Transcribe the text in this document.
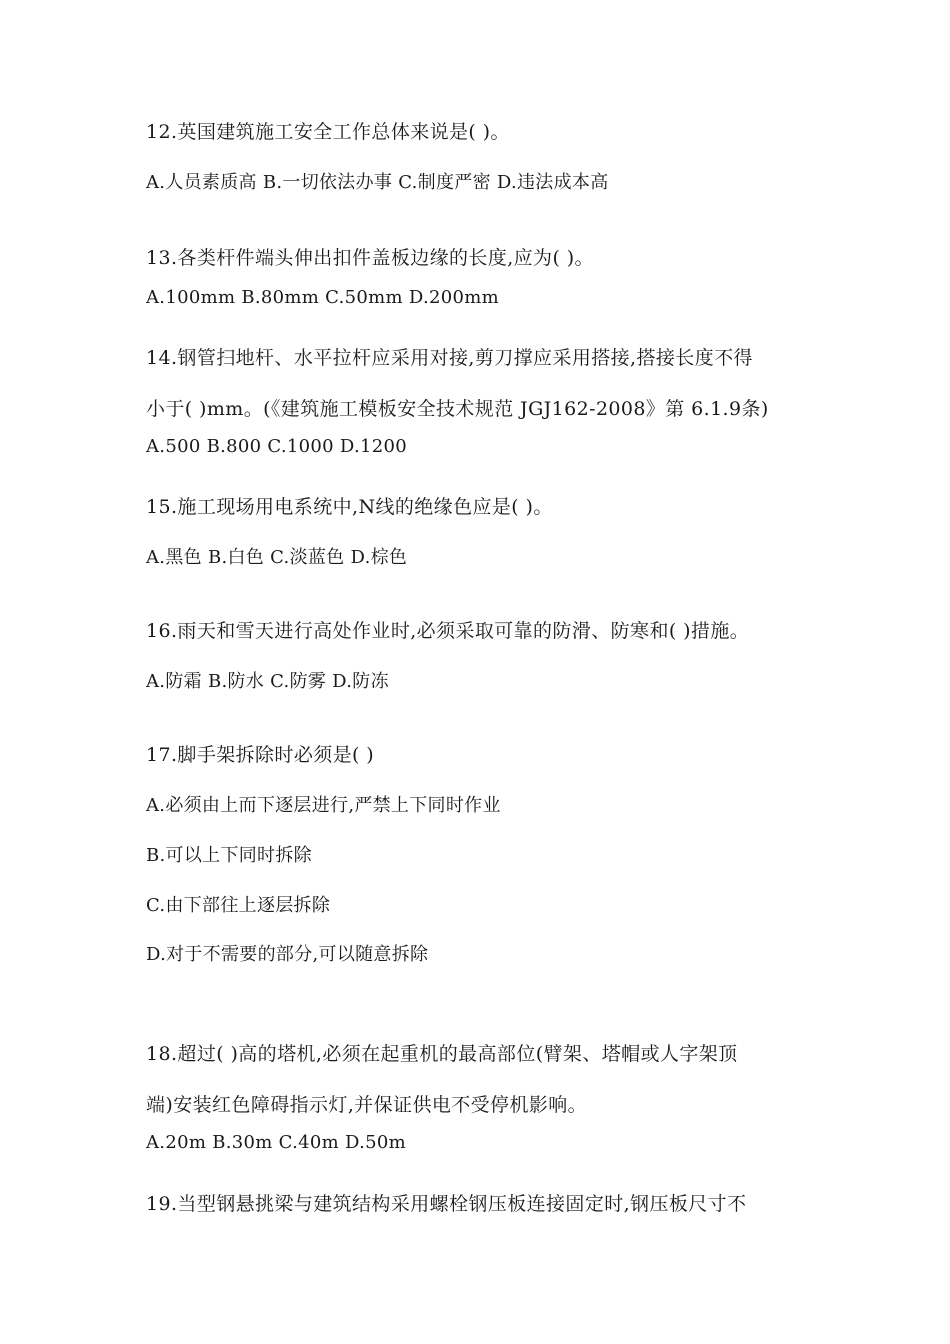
12.英国建筑施工安全工作总体来说是( )。
A.人员素质高 B.一切依法办事 C.制度严密 D.违法成本高
13.各类杆件端头伸出扣件盖板边缘的长度,应为( )。
A.100mm B.80mm C.50mm D.200mm
14.钢管扫地杆、水平拉杆应采用对接,剪刀撑应采用搭接,搭接长度不得
小于( )mm。(《建筑施工模板安全技术规范 JGJ162-2008》第 6.1.9条)
A.500 B.800 C.1000 D.1200
15.施工现场用电系统中,N线的绝缘色应是( )。
A.黑色 B.白色 C.淡蓝色 D.棕色
16.雨天和雪天进行高处作业时,必须采取可靠的防滑、防寒和( )措施。
A.防霜 B.防水 C.防雾 D.防冻
17.脚手架拆除时必须是( )
A.必须由上而下逐层进行,严禁上下同时作业
B.可以上下同时拆除
C.由下部往上逐层拆除
D.对于不需要的部分,可以随意拆除
18.超过( )高的塔机,必须在起重机的最高部位(臂架、塔帽或人字架顶
端)安装红色障碍指示灯,并保证供电不受停机影响。
A.20m B.30m C.40m D.50m
19.当型钢悬挑梁与建筑结构采用螺栓钢压板连接固定时,钢压板尺寸不
